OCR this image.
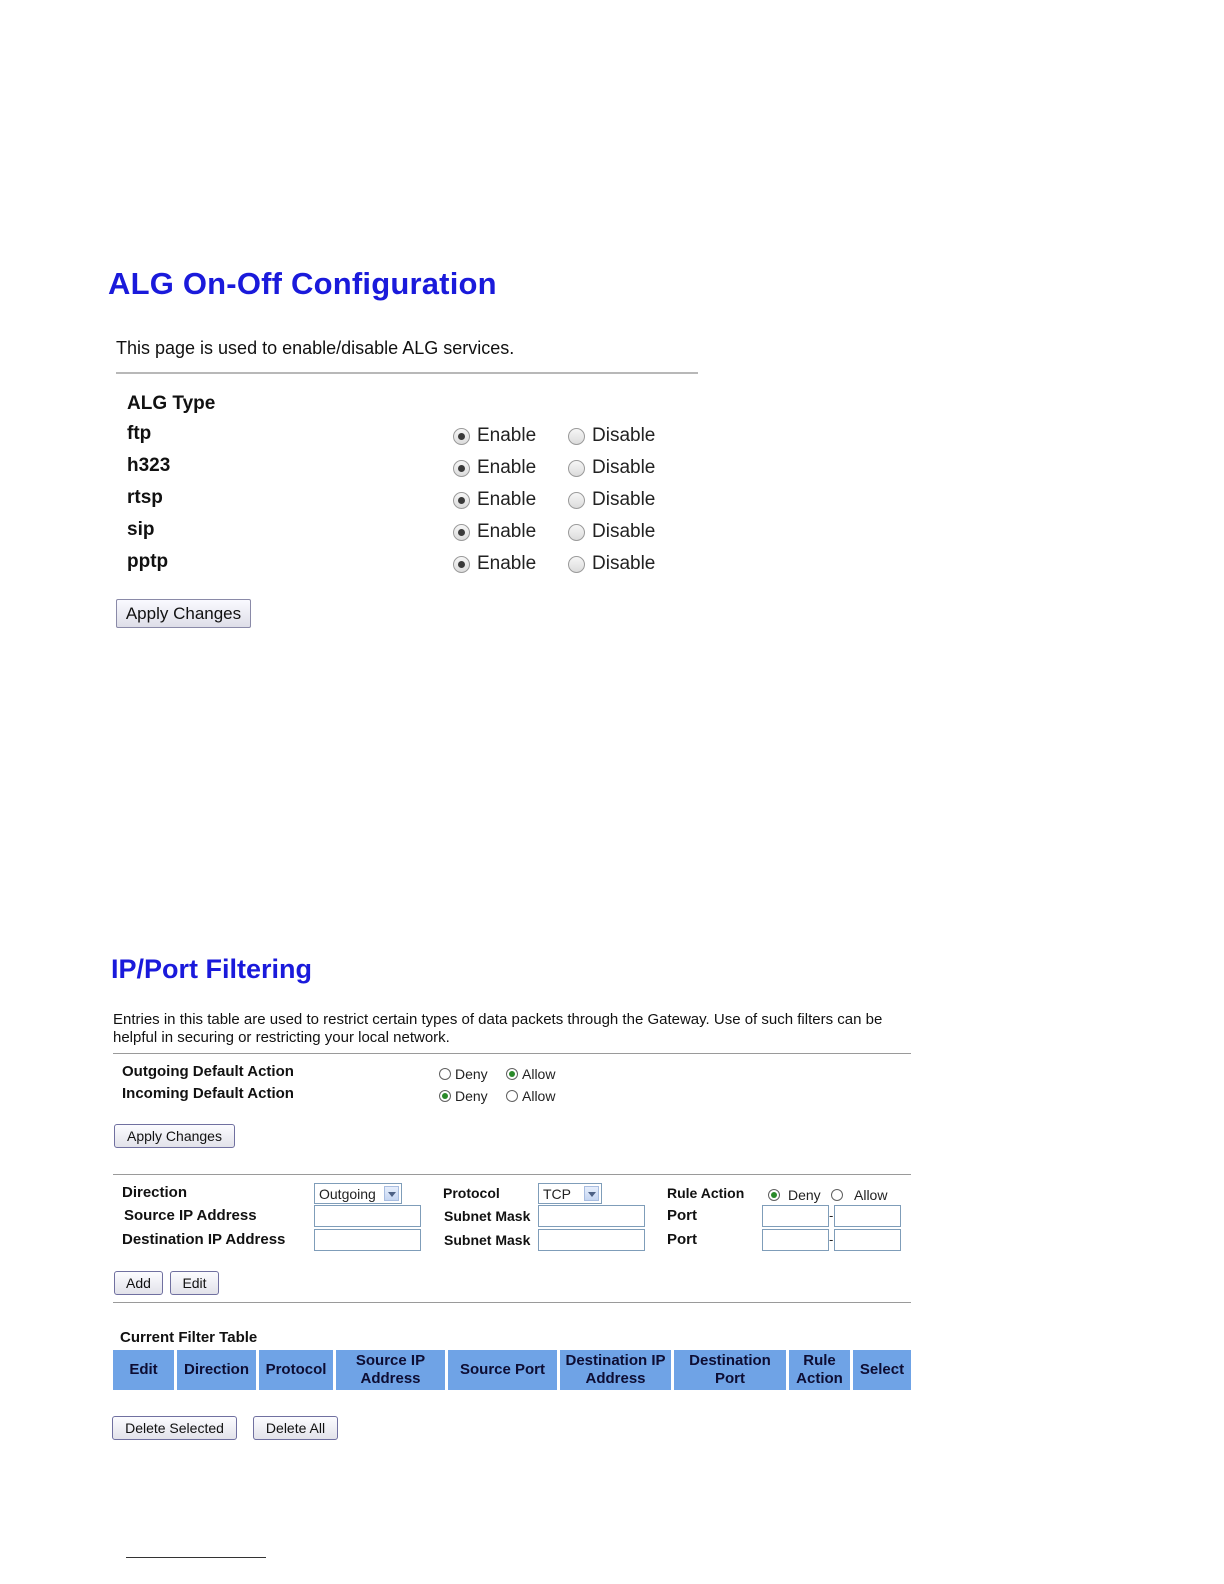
ALG On-Off Configuration
This page is used to enable/disable ALG services.
ALG Type
ftp	Enable	Disable
h323	Enable	Disable
rtsp	Enable	Disable
sip	Enable	Disable
pptp	Enable	Disable
Apply Changes
IP/Port Filtering
Entries in this table are used to restrict certain types of data packets through the Gateway. Use of such filters can be helpful in securing or restricting your local network.
Outgoing Default Action	Deny Allow
Incoming Default Action	Deny Allow
Apply Changes
Direction	Outgoing	Protocol	TCP	Rule Action	Deny Allow
Source IP Address	Subnet Mask	Port	-
Destination IP Address	Subnet Mask	Port	-
Add	Edit
Current Filter Table
Edit	Direction	Protocol	Source IP Address	Source Port	Destination IP Address	Destination Port	Rule Action	Select
Delete Selected	Delete All
